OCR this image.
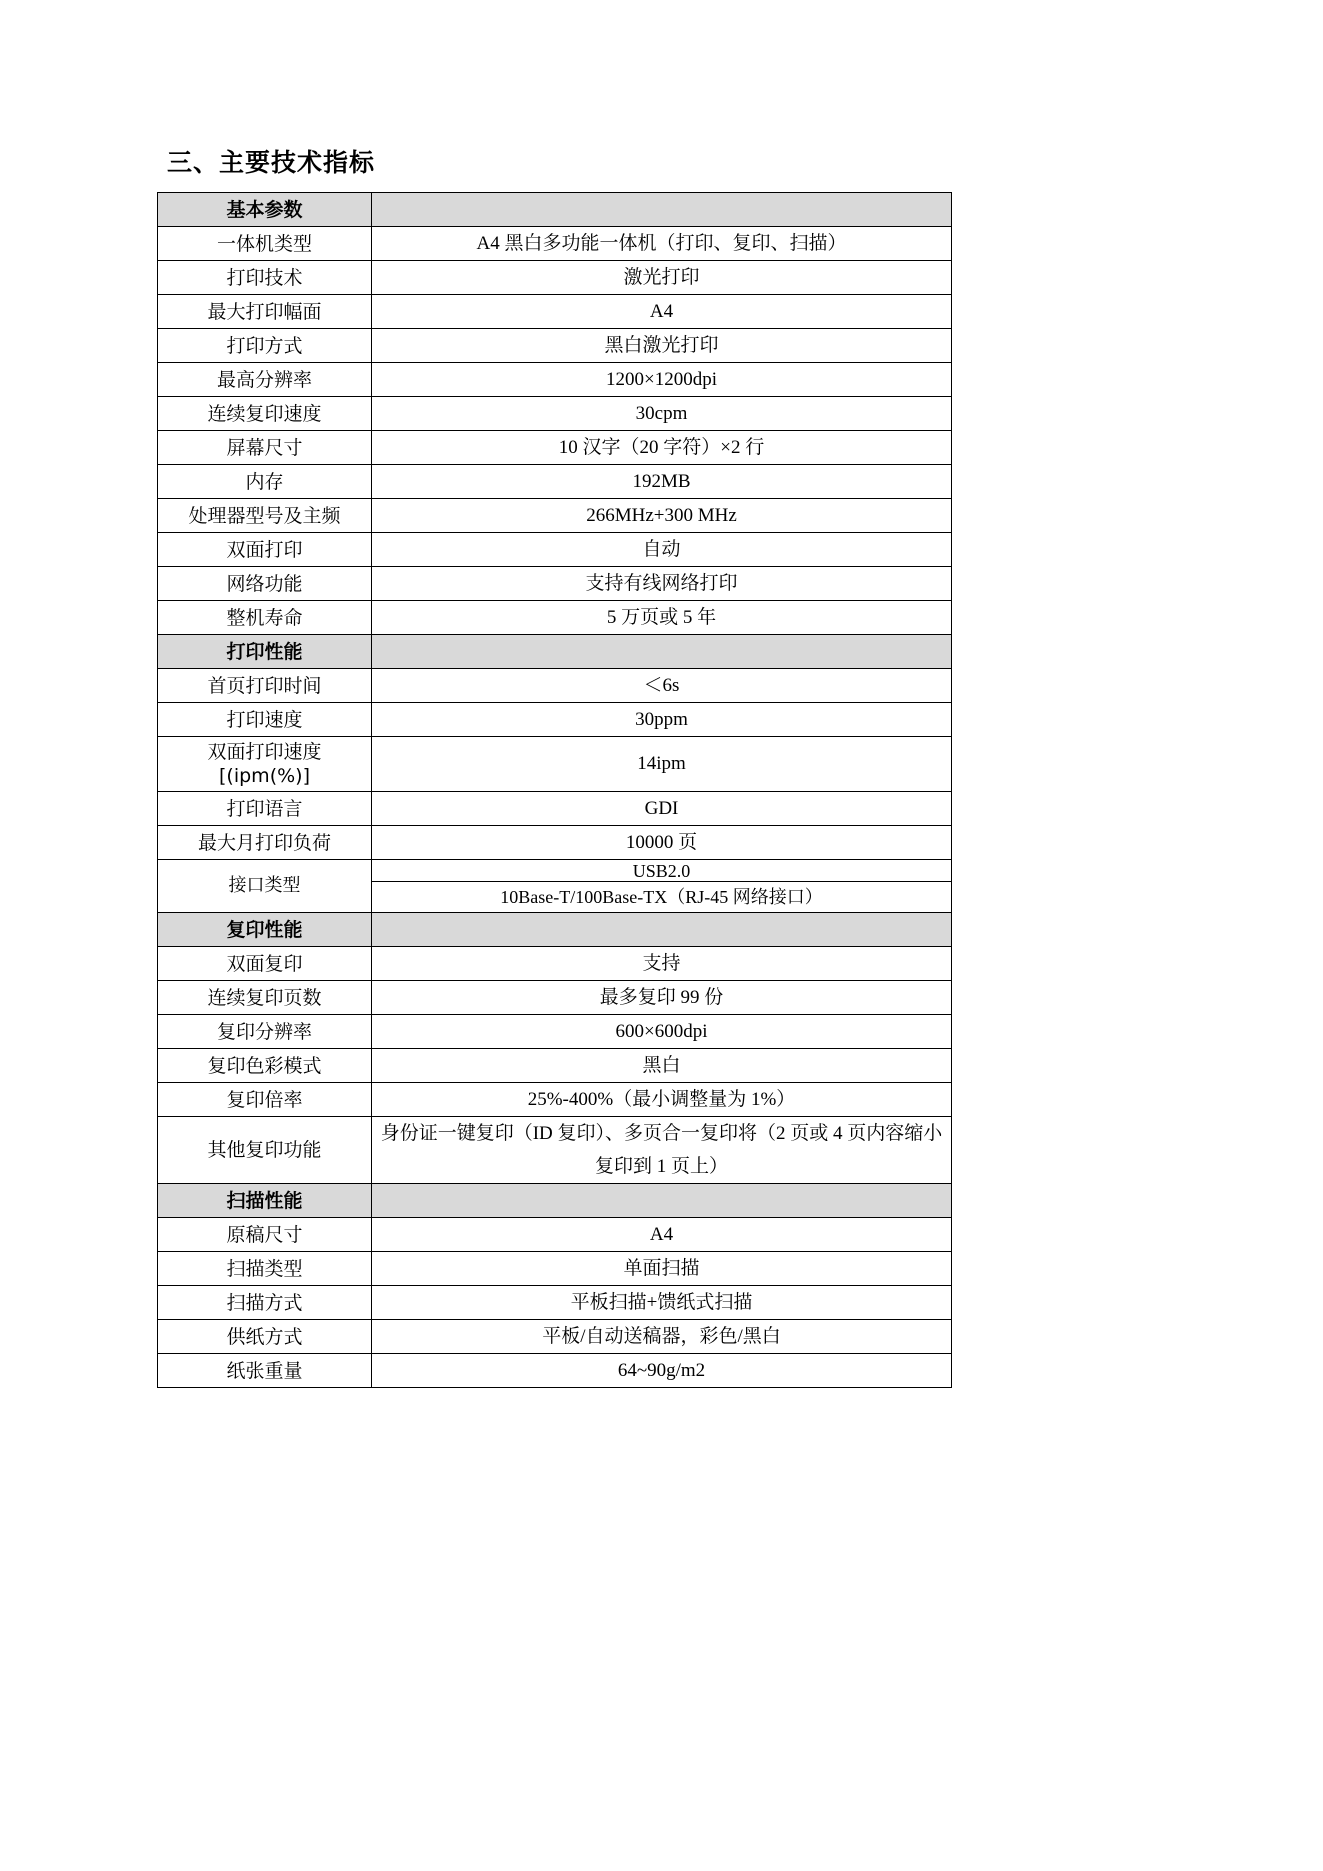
三、主要技术指标
基本参数	
一体机类型	A4 黑白多功能一体机（打印、复印、扫描）
打印技术	激光打印
最大打印幅面	A4
打印方式	黑白激光打印
最高分辨率	1200×1200dpi
连续复印速度	30cpm
屏幕尺寸	10 汉字（20 字符）×2 行
内存	192MB
处理器型号及主频	266MHz+300 MHz
双面打印	自动
网络功能	支持有线网络打印
整机寿命	5 万页或 5 年
打印性能	
首页打印时间	＜6s
打印速度	30ppm
双面打印速度[(ipm(%)]	14ipm
打印语言	GDI
最大月打印负荷	10000 页
接口类型	USB2.0
	10Base-T/100Base-TX（RJ-45 网络接口）
复印性能	
双面复印	支持
连续复印页数	最多复印 99 份
复印分辨率	600×600dpi
复印色彩模式	黑白
复印倍率	25%-400%（最小调整量为 1%）
其他复印功能	身份证一键复印（ID 复印）、多页合一复印将（2 页或 4 页内容缩小复印到 1 页上）
扫描性能	
原稿尺寸	A4
扫描类型	单面扫描
扫描方式	平板扫描+馈纸式扫描
供纸方式	平板/自动送稿器，彩色/黑白
纸张重量	64~90g/m2
